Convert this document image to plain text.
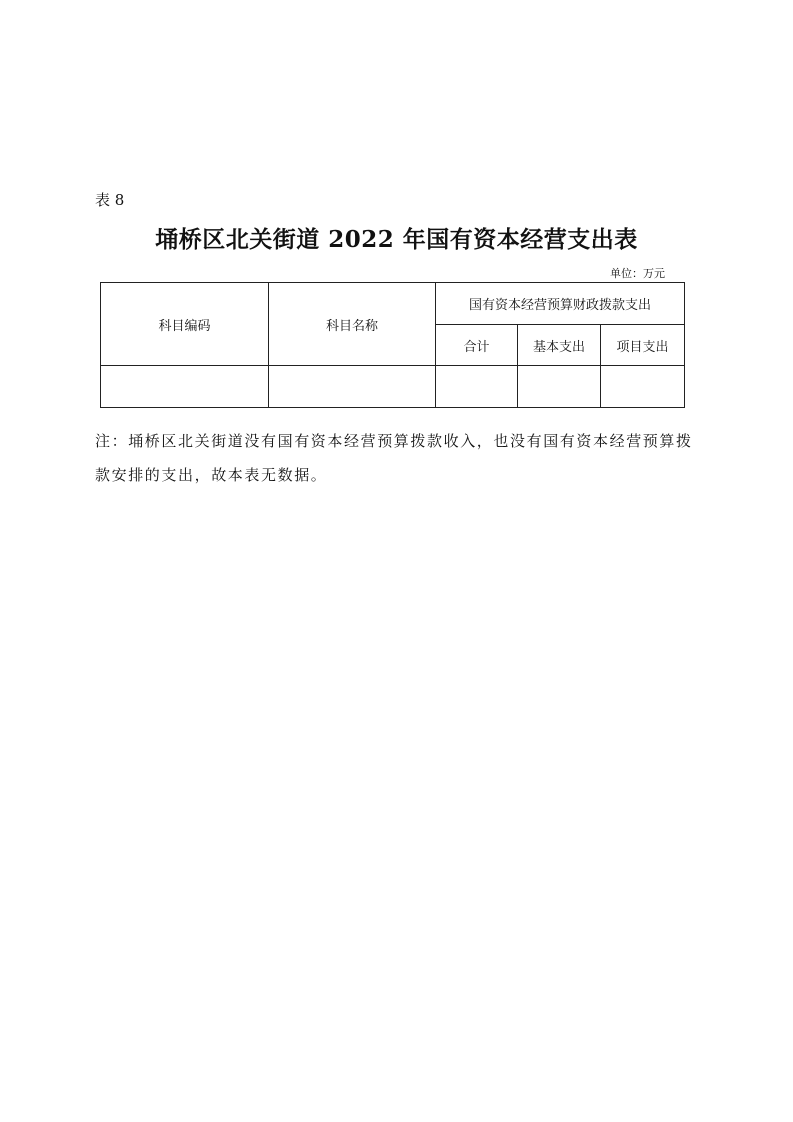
表 8
埇桥区北关街道 2022 年国有资本经营支出表
单位：万元
科目编码	科目名称	国有资本经营预算财政拨款支出		
		合计	基本支出	项目支出

注：埇桥区北关街道没有国有资本经营预算拨款收入，也没有国有资本经营预算拨款安排的支出，故本表无数据。
